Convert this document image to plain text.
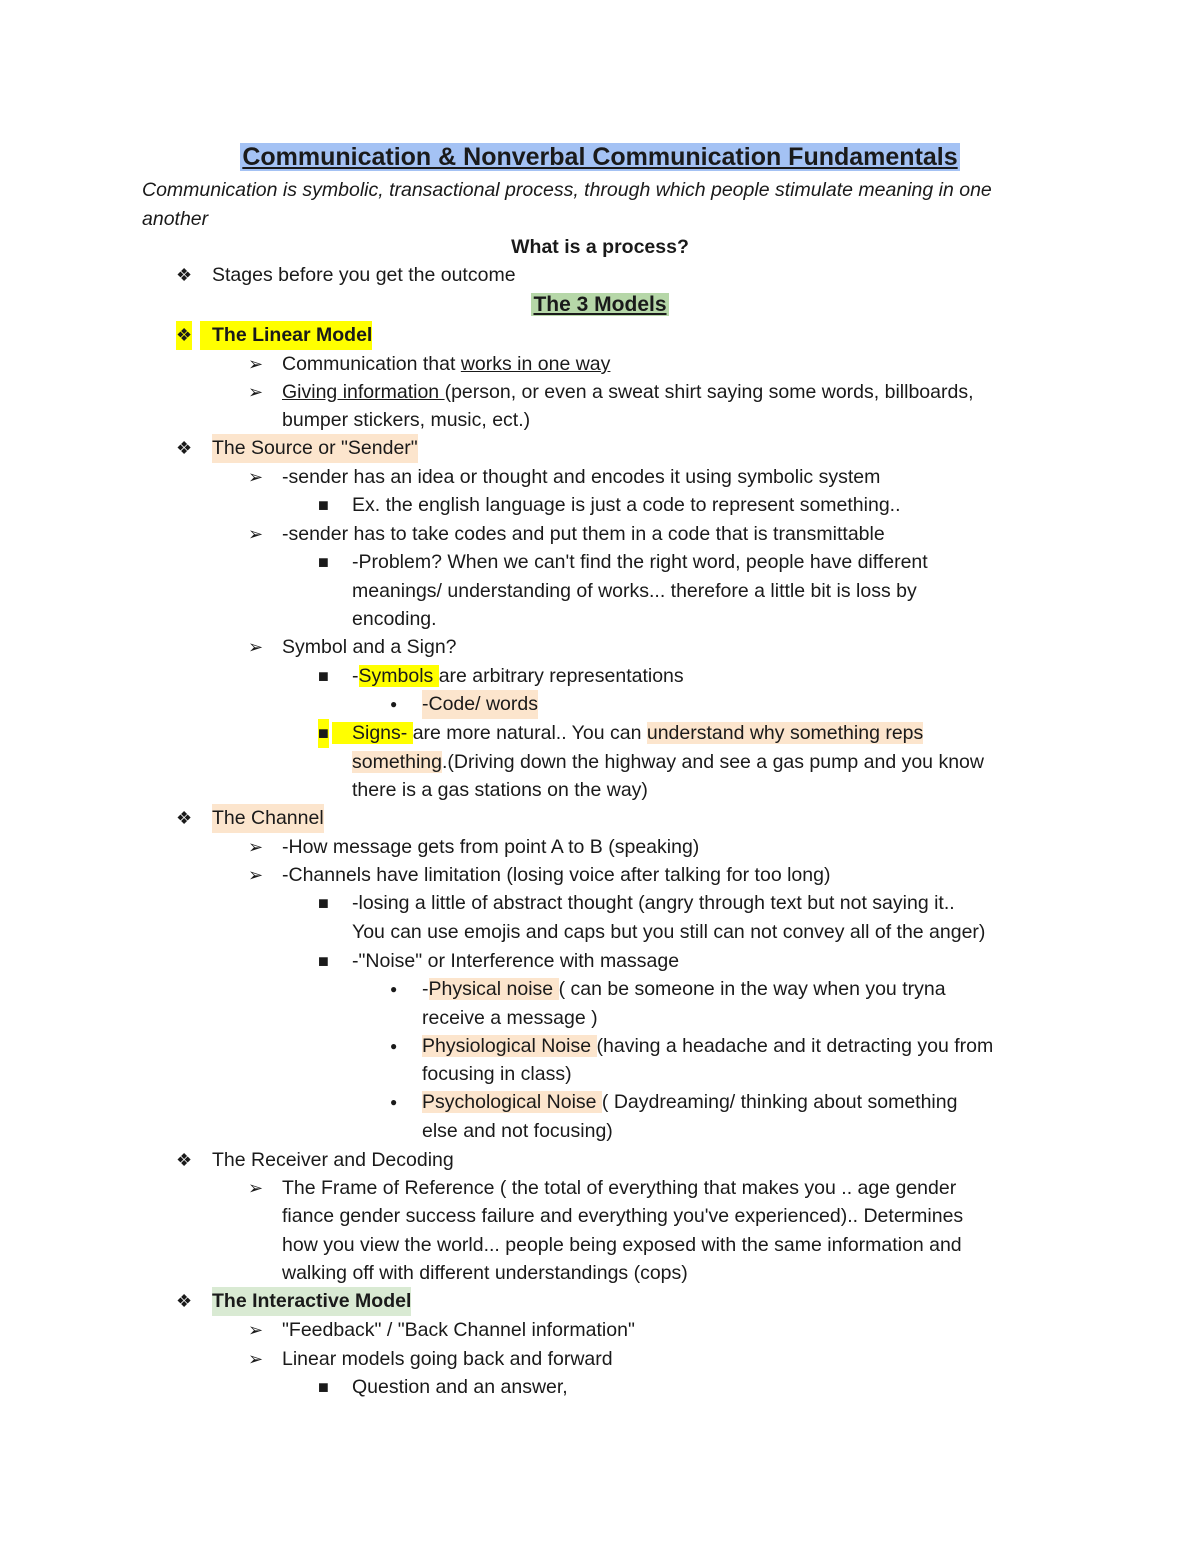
Communication & Nonverbal Communication Fundamentals
Communication is symbolic, transactional process, through which people stimulate meaning in one another
What is a process?
❖ Stages before you get the outcome
The 3 Models
❖	The Linear Model
➢ Communication that works in one way
➢ Giving information (person, or even a sweat shirt saying some words, billboards,
bumper stickers, music, ect.)
❖ The Source or "Sender"
➢ -sender has an idea or thought and encodes it using symbolic system
■ Ex. the english language is just a code to represent something..
➢ -sender has to take codes and put them in a code that is transmittable
■ -Problem? When we can't find the right word, people have different
meanings/ understanding of works... therefore a little bit is loss by
encoding.
➢ Symbol and a Sign?
■ -Symbols are arbitrary representations
● -Code/ words
■	Signs- are more natural.. You can understand why something reps
something.(Driving down the highway and see a gas pump and you know
there is a gas stations on the way)
❖ The Channel
➢ -How message gets from point A to B (speaking)
➢ -Channels have limitation (losing voice after talking for too long)
■ -losing a little of abstract thought (angry through text but not saying it..
You can use emojis and caps but you still can not convey all of the anger)
■ -"Noise" or Interference with massage
● -Physical noise ( can be someone in the way when you tryna
receive a message )
● Physiological Noise (having a headache and it detracting you from
focusing in class)
● Psychological Noise ( Daydreaming/ thinking about something
else and not focusing)
❖ The Receiver and Decoding
➢ The Frame of Reference ( the total of everything that makes you .. age gender
fiance gender success failure and everything you've experienced).. Determines
how you view the world... people being exposed with the same information and
walking off with different understandings (cops)
❖ The Interactive Model
➢ "Feedback" / "Back Channel information"
➢ Linear models going back and forward
■ Question and an answer,
